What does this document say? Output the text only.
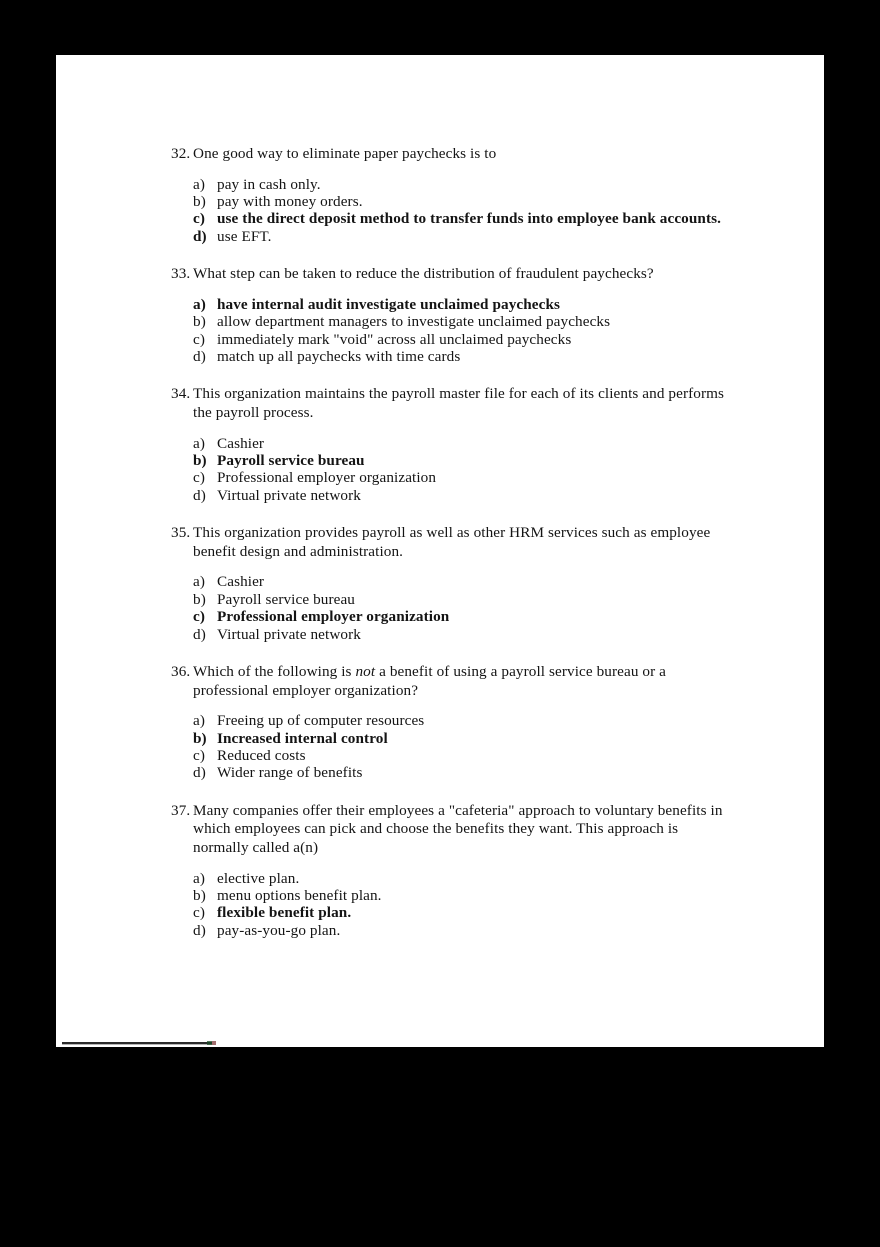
32. One good way to eliminate paper paychecks is to
a) pay in cash only.
b) pay with money orders.
c) use the direct deposit method to transfer funds into employee bank accounts.
d) use EFT.
33. What step can be taken to reduce the distribution of fraudulent paychecks?
a) have internal audit investigate unclaimed paychecks
b) allow department managers to investigate unclaimed paychecks
c) immediately mark "void" across all unclaimed paychecks
d) match up all paychecks with time cards
34. This organization maintains the payroll master file for each of its clients and performs the payroll process.
a) Cashier
b) Payroll service bureau
c) Professional employer organization
d) Virtual private network
35. This organization provides payroll as well as other HRM services such as employee benefit design and administration.
a) Cashier
b) Payroll service bureau
c) Professional employer organization
d) Virtual private network
36. Which of the following is not a benefit of using a payroll service bureau or a professional employer organization?
a) Freeing up of computer resources
b) Increased internal control
c) Reduced costs
d) Wider range of benefits
37. Many companies offer their employees a "cafeteria" approach to voluntary benefits in which employees can pick and choose the benefits they want. This approach is normally called a(n)
a) elective plan.
b) menu options benefit plan.
c) flexible benefit plan.
d) pay-as-you-go plan.
